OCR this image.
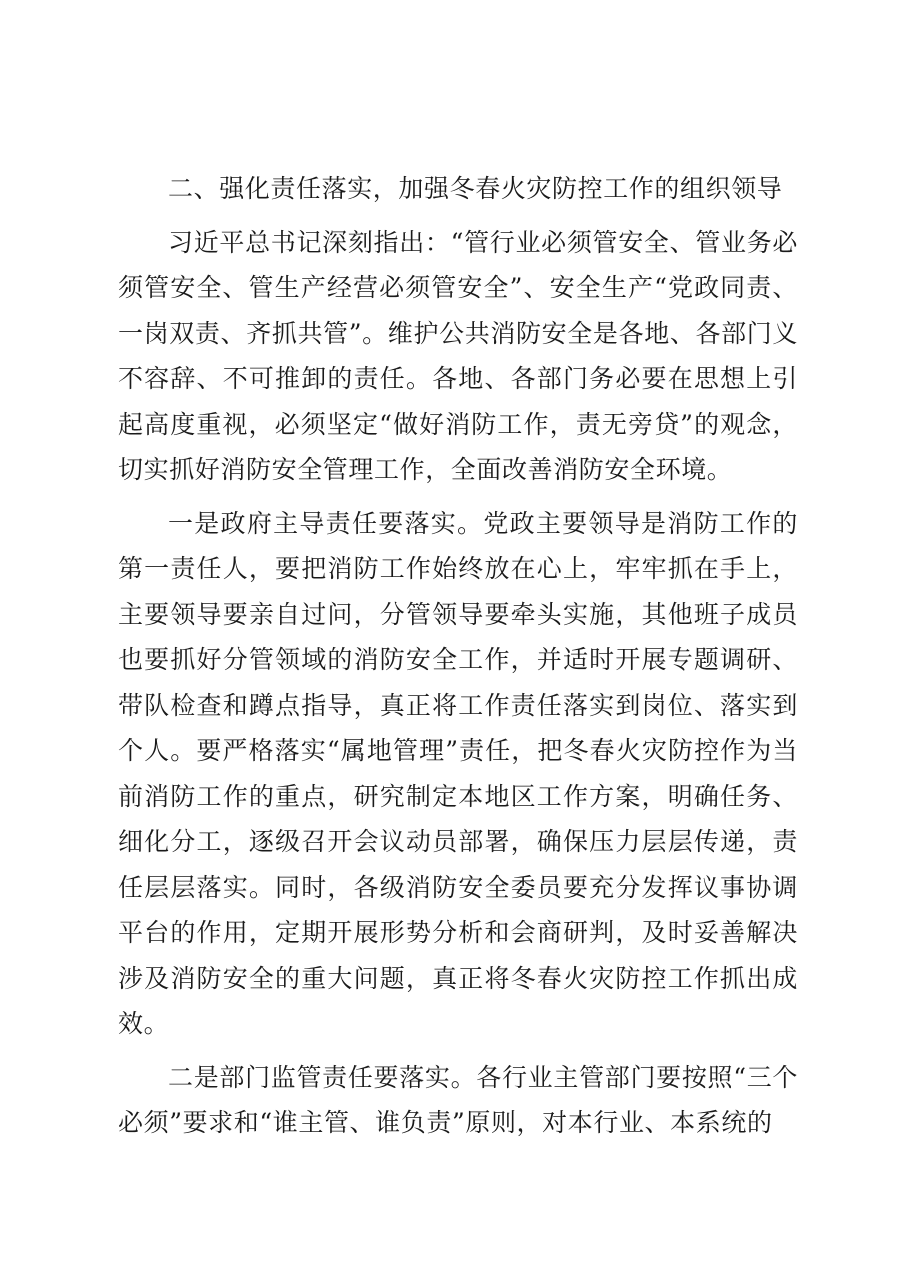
二、强化责任落实，加强冬春火灾防控工作的组织领导

习近平总书记深刻指出：“管行业必须管安全、管业务必须管安全、管生产经营必须管安全”、安全生产“党政同责、一岗双责、齐抓共管”。维护公共消防安全是各地、各部门义不容辞、不可推卸的责任。各地、各部门务必要在思想上引起高度重视，必须坚定“做好消防工作，责无旁贷”的观念，切实抓好消防安全管理工作，全面改善消防安全环境。

一是政府主导责任要落实。党政主要领导是消防工作的第一责任人，要把消防工作始终放在心上，牢牢抓在手上，主要领导要亲自过问，分管领导要牵头实施，其他班子成员也要抓好分管领域的消防安全工作，并适时开展专题调研、带队检查和蹲点指导，真正将工作责任落实到岗位、落实到个人。要严格落实“属地管理”责任，把冬春火灾防控作为当前消防工作的重点，研究制定本地区工作方案，明确任务、细化分工，逐级召开会议动员部署，确保压力层层传递，责任层层落实。同时，各级消防安全委员要充分发挥议事协调平台的作用，定期开展形势分析和会商研判，及时妥善解决涉及消防安全的重大问题，真正将冬春火灾防控工作抓出成效。

二是部门监管责任要落实。各行业主管部门要按照“三个必须”要求和“谁主管、谁负责”原则，对本行业、本系统的
